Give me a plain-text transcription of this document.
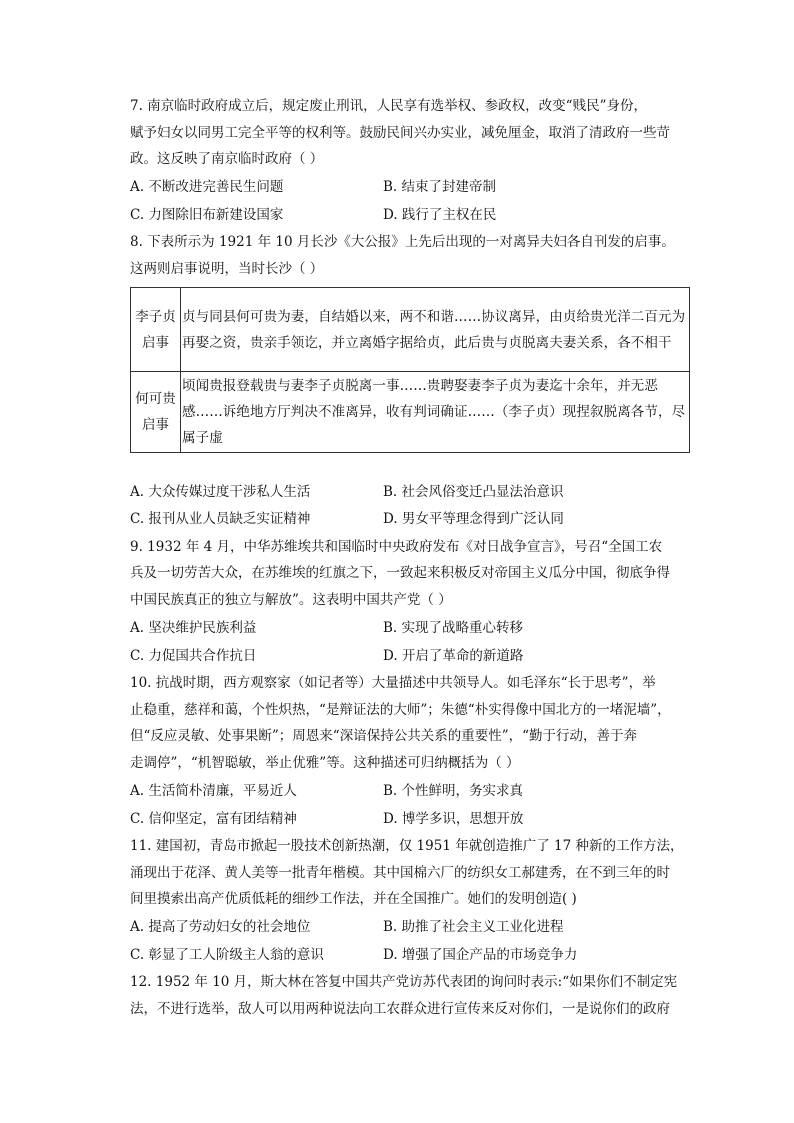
7. 南京临时政府成立后，规定废止刑讯，人民享有选举权、参政权，改变“贱民”身份，
赋予妇女以同男工完全平等的权利等。鼓励民间兴办实业，减免厘金，取消了清政府一些苛
政。这反映了南京临时政府（ ）
A. 不断改进完善民生问题	B. 结束了封建帝制
C. 力图除旧布新建设国家	D. 践行了主权在民
8. 下表所示为 1921 年 10 月长沙《大公报》上先后出现的一对离异夫妇各自刊发的启事。
这两则启事说明，当时长沙（ ）
李子贞启事	贞与同县何可贵为妻，自结婚以来，两不和谐……协议离异，由贞给贵光洋二百元为再娶之资，贵亲手领讫，并立离婚字据给贞，此后贵与贞脱离夫妻关系，各不相干
何可贵启事	顷闻贵报登载贵与妻李子贞脱离一事……贵聘娶妻李子贞为妻迄十余年，并无恶感……诉绝地方厅判决不准离异，收有判词确证……（李子贞）现捏叙脱离各节，尽属子虚
A. 大众传媒过度干涉私人生活	B. 社会风俗变迁凸显法治意识
C. 报刊从业人员缺乏实证精神	D. 男女平等理念得到广泛认同
9. 1932 年 4 月，中华苏维埃共和国临时中央政府发布《对日战争宣言》，号召“全国工农
兵及一切劳苦大众，在苏维埃的红旗之下，一致起来积极反对帝国主义瓜分中国，彻底争得
中国民族真正的独立与解放”。这表明中国共产党（ ）
A. 坚决维护民族利益	B. 实现了战略重心转移
C. 力促国共合作抗日	D. 开启了革命的新道路
10. 抗战时期，西方观察家（如记者等）大量描述中共领导人。如毛泽东“长于思考”，举
止稳重，慈祥和蔼，个性炽热，“是辩证法的大师”；朱德“朴实得像中国北方的一堵泥墙”，
但“反应灵敏、处事果断”；周恩来“深谙保持公共关系的重要性”，“勤于行动，善于奔
走调停”，“机智聪敏，举止优雅”等。这种描述可归纳概括为（ ）
A. 生活简朴清廉，平易近人	B. 个性鲜明，务实求真
C. 信仰坚定，富有团结精神	D. 博学多识，思想开放
11. 建国初，青岛市掀起一股技术创新热潮，仅 1951 年就创造推广了 17 种新的工作方法，
涌现出于花泽、黄人美等一批青年楷模。其中国棉六厂的纺织女工郝建秀，在不到三年的时
间里摸索出高产优质低耗的细纱工作法，并在全国推广。她们的发明创造( )
A. 提高了劳动妇女的社会地位	B. 助推了社会主义工业化进程
C. 彰显了工人阶级主人翁的意识	D. 增强了国企产品的市场竞争力
12. 1952 年 10 月，斯大林在答复中国共产党访苏代表团的询问时表示:“如果你们不制定宪
法，不进行选举，敌人可以用两种说法向工农群众进行宣传来反对你们，一是说你们的政府
